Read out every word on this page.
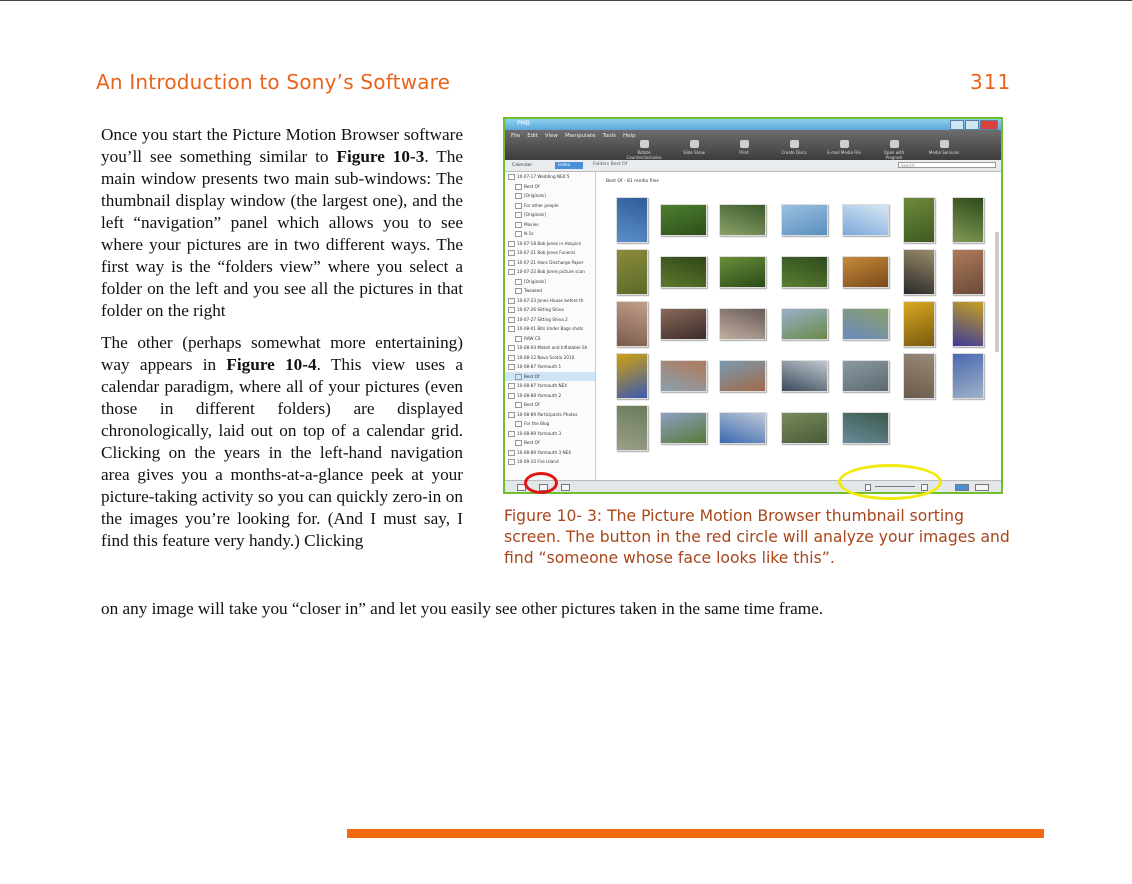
An Introduction to Sony’s Software	311

Once you start the Picture Motion Browser software you’ll see something similar to Figure 10-3. The main window presents two main sub-windows: The thumbnail display window (the largest one), and the left “navigation” panel which allows you to see where your pictures are in two different ways. The first way is the “folders view” where you select a folder on the left and you see all the pictures in that folder on the right

The other (perhaps somewhat more entertaining) way appears in Figure 10-4. This view uses a calendar paradigm, where all of your pictures (even those in different folders) are displayed chronologically, laid out on top of a calendar grid. Clicking on the years in the left-hand navigation area gives you a months-at-a-glance peek at your picture-taking activity so you can quickly zero-in on the images you’re looking for. (And I must say, I find this feature very handy.) Clicking

on any image will take you “closer in” and let you easily see other pictures taken in the same time frame.
PMB
File Edit View Manipulate Tools Help
Rotate Counterclockwise
Slide Show	Print	Create Discs	E-mail Media File	Open with Program
Media Services
Calendar	Index	Folders Best Of	Search
10-07-17 Wedding NEX 5
Best Of
[Originals]
For other people
[Originals]
Movies
N-1s
10-07-18 Bob Jones in Hospice
10-07-21 Bob Jones Funeral
10-07-21 Hans Discharge Paper
10-07-22 Bob Jones picture scan
[Originals]
Tweaked
10-07-23 Jones House before th
10-07-26 Sitting Shiva
10-07-27 Sitting Shiva 2
10-08-01 Bits Under Bags shots
RAW CS
10-08-04 Matah and Inflatable Sh
10-08-12 Nova Scotia 2010
10-08-87 Yarmouth 1
Best Of
10-08-87 Yarmouth NEX
10-08-88 Yarmouth 2
Best Of
10-08-89 Participants Photos
For the Blog
10-08-89 Yarmouth 3
Best Of
10-08-89 Yarmouth 3 NEX
10-09-10 Fire Island
Best Of - 81 media files
Figure 10- 3: The Picture Motion Browser thumbnail sorting screen. The button in the red circle will analyze your images and find “someone whose face looks like this”.
